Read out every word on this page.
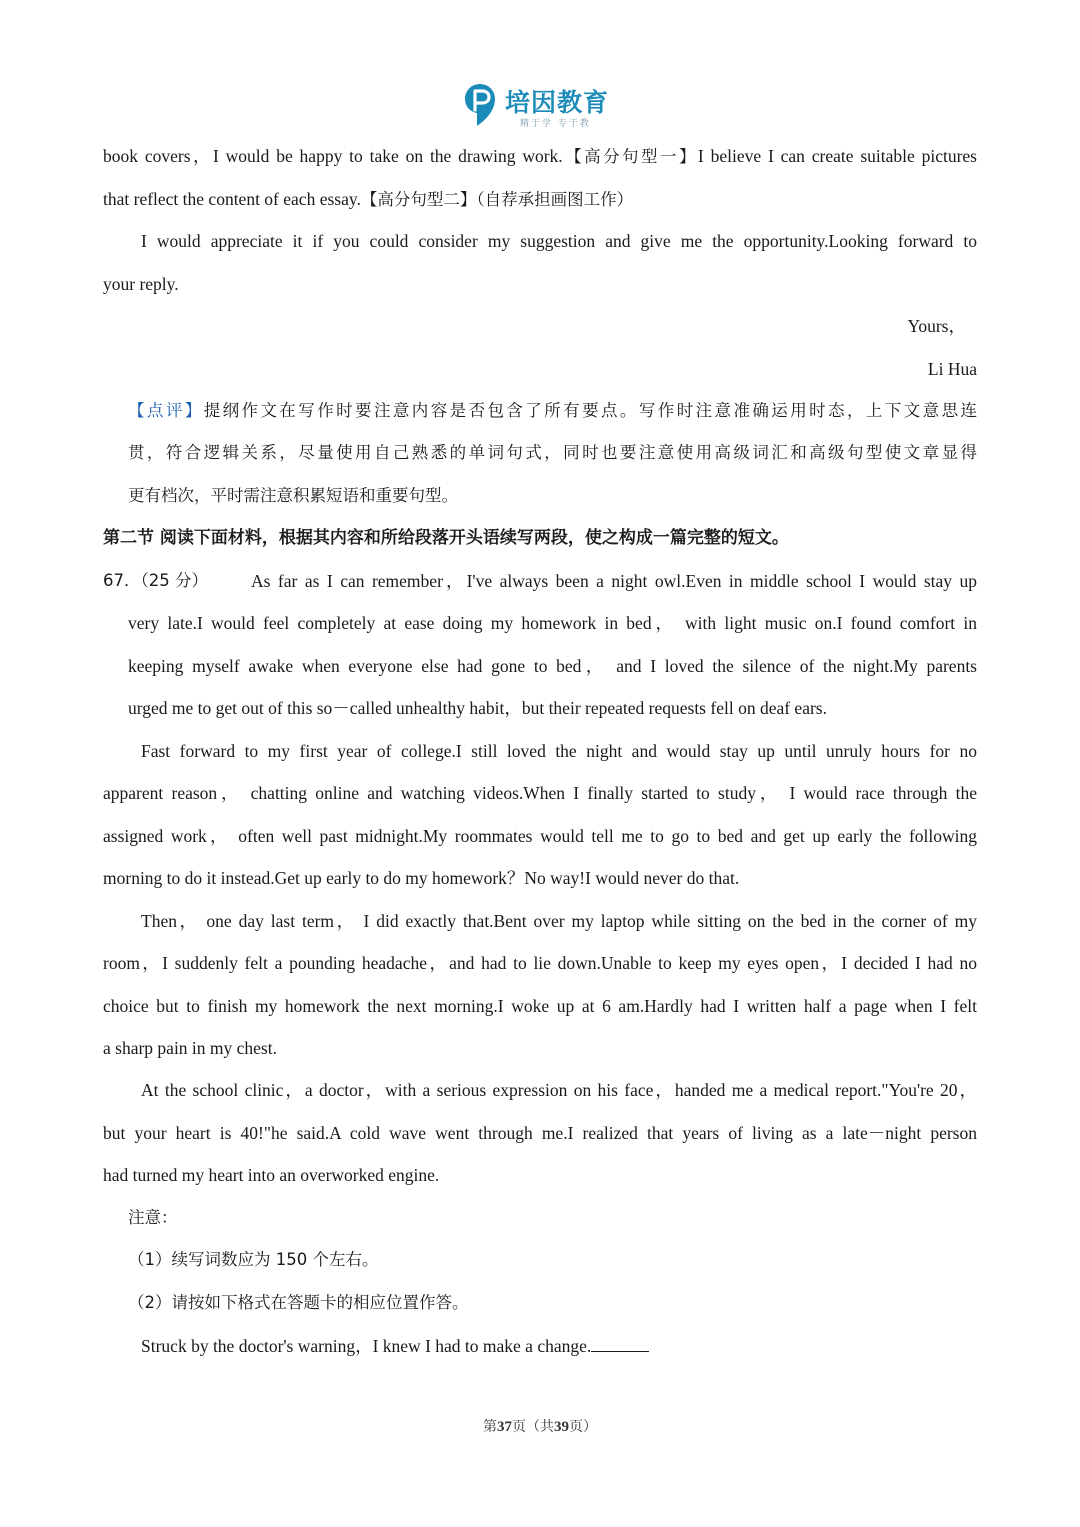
培因教育
精于学 专于教
book covers，I would be happy to take on the drawing work.【高分句型一】I believe I can create suitable pictures
that reflect the content of each essay.【高分句型二】（自荐承担画图工作）
I would appreciate it if you could consider my suggestion and give me the opportunity.Looking forward to
your reply.
Yours，
Li Hua
【点评】提纲作文在写作时要注意内容是否包含了所有要点。写作时注意准确运用时态，上下文意思连
贯，符合逻辑关系，尽量使用自己熟悉的单词句式，同时也要注意使用高级词汇和高级句型使文章显得
更有档次，平时需注意积累短语和重要句型。
第二节 阅读下面材料，根据其内容和所给段落开头语续写两段，使之构成一篇完整的短文。
67．（25 分） As far as I can remember，I've always been a night owl.Even in middle school I would stay up
very late.I would feel completely at ease doing my homework in bed， with light music on.I found comfort in
keeping myself awake when everyone else had gone to bed， and I loved the silence of the night.My parents
urged me to get out of this so－called unhealthy habit，but their repeated requests fell on deaf ears.
Fast forward to my first year of college.I still loved the night and would stay up until unruly hours for no
apparent reason， chatting online and watching videos.When I finally started to study， I would race through the
assigned work， often well past midnight.My roommates would tell me to go to bed and get up early the following
morning to do it instead.Get up early to do my homework？No way!I would never do that.
Then， one day last term， I did exactly that.Bent over my laptop while sitting on the bed in the corner of my
room，I suddenly felt a pounding headache，and had to lie down.Unable to keep my eyes open，I decided I had no
choice but to finish my homework the next morning.I woke up at 6 am.Hardly had I written half a page when I felt
a sharp pain in my chest.
At the school clinic，a doctor，with a serious expression on his face，handed me a medical report."You're 20，
but your heart is 40!"he said.A cold wave went through me.I realized that years of living as a late－night person
had turned my heart into an overworked engine.
注意：
（1）续写词数应为 150 个左右。
（2）请按如下格式在答题卡的相应位置作答。
Struck by the doctor's warning，I knew I had to make a change.
第37页（共39页）
